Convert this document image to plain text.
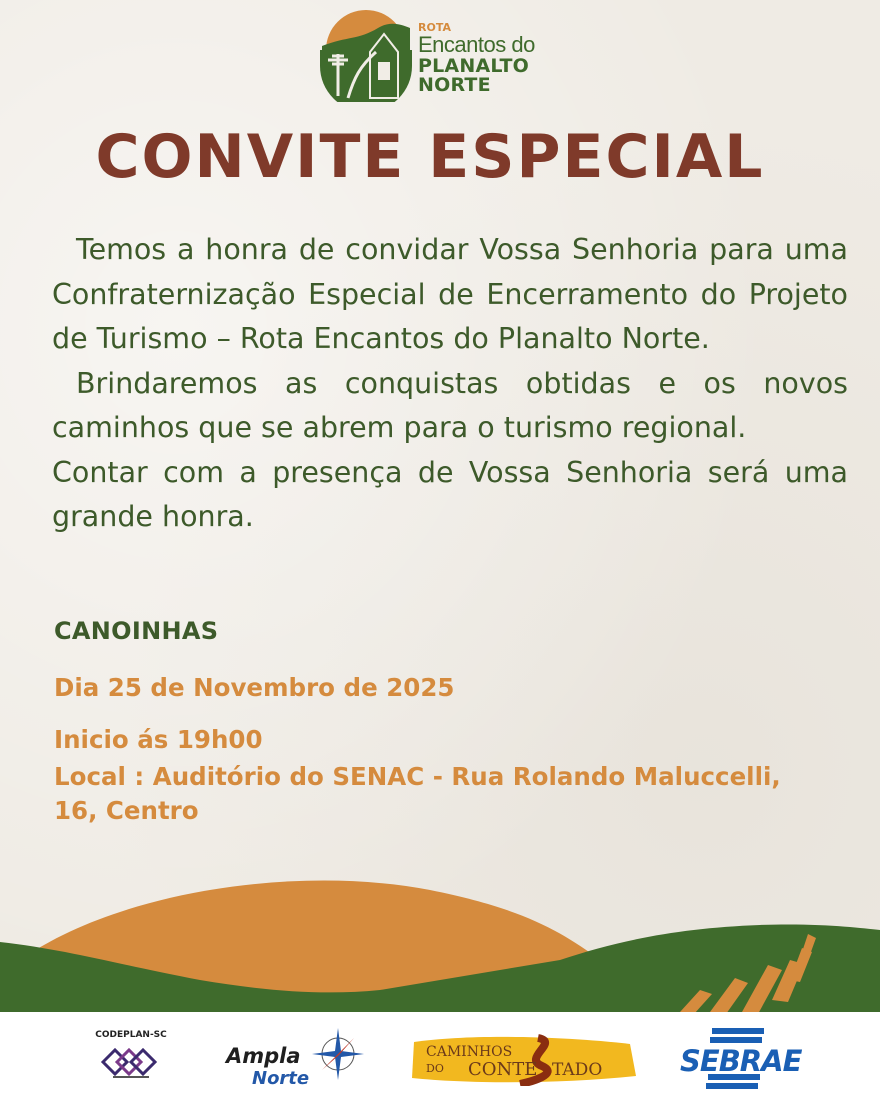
ROTA
Encantos do
PLANALTO NORTE
CONVITE ESPECIAL

Temos a honra de convidar Vossa Senhoria para uma Confraternização Especial de Encerramento do Projeto de Turismo – Rota Encantos do Planalto Norte.

Brindaremos as conquistas obtidas e os novos caminhos que se abrem para o turismo regional.

Contar com a presença de Vossa Senhoria será uma grande honra.

CANOINHAS

Dia 25 de Novembro de 2025

Inicio ás 19h00

Local : Auditório do SENAC - Rua Rolando Maluccelli, 16, Centro

CODEPLAN-SC
Ampla
Norte
CAMINHOS
DO CONTE TADO	SEBRAE
